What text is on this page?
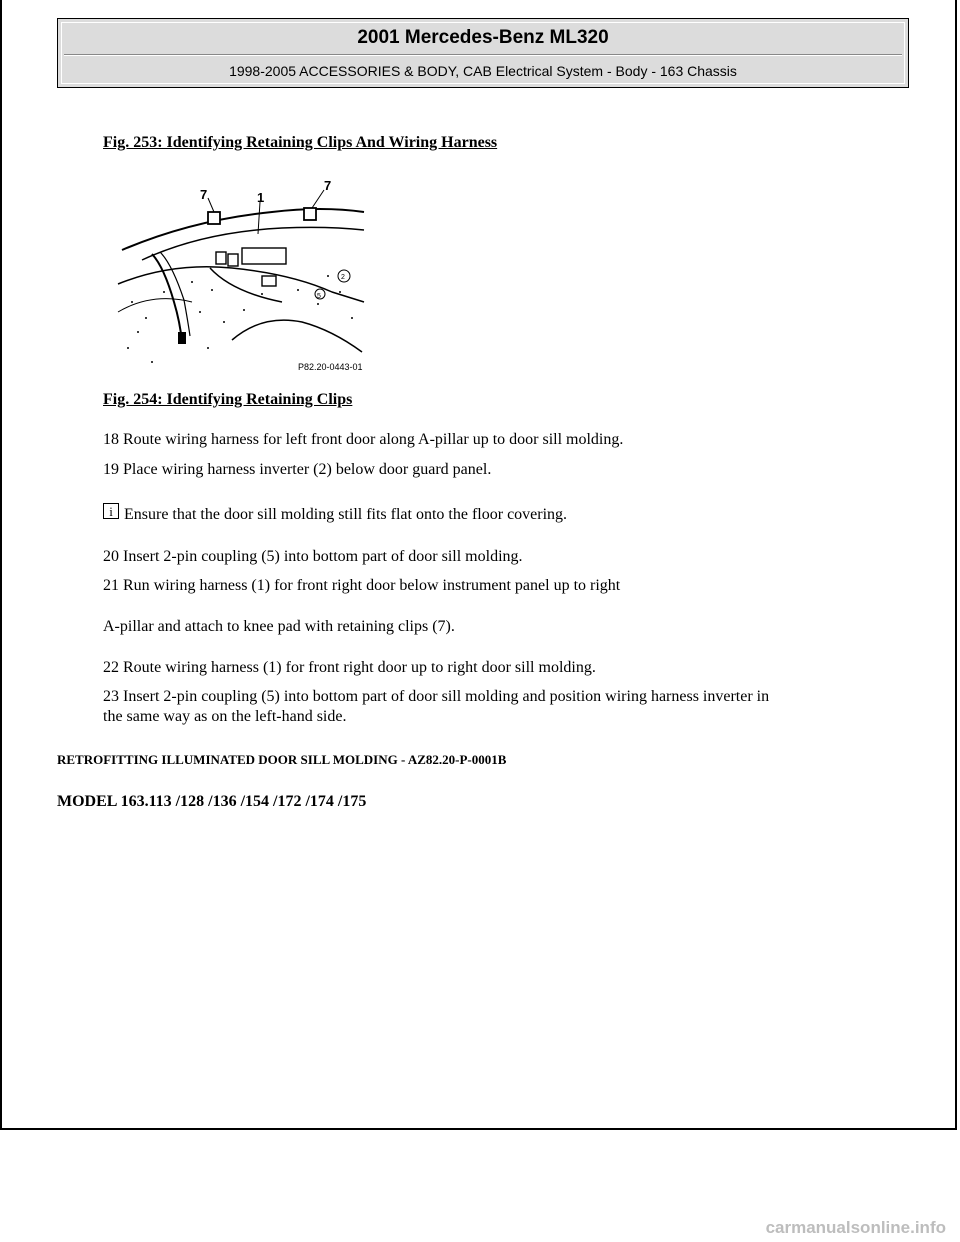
2001 Mercedes-Benz ML320
1998-2005 ACCESSORIES & BODY, CAB Electrical System - Body - 163 Chassis
Fig. 253: Identifying Retaining Clips And Wiring Harness
7	1
7
5
2
P82.20-0443-01
Fig. 254: Identifying Retaining Clips
18 Route wiring harness for left front door along A-pillar up to door sill molding.
19 Place wiring harness inverter (2) below door guard panel.
i Ensure that the door sill molding still fits flat onto the floor covering.
20 Insert 2-pin coupling (5) into bottom part of door sill molding.
21 Run wiring harness (1) for front right door below instrument panel up to right
A-pillar and attach to knee pad with retaining clips (7).
22 Route wiring harness (1) for front right door up to right door sill molding.
23 Insert 2-pin coupling (5) into bottom part of door sill molding and position wiring harness inverter in
the same way as on the left-hand side.
RETROFITTING ILLUMINATED DOOR SILL MOLDING - AZ82.20-P-0001B
MODEL 163.113 /128 /136 /154 /172 /174 /175
carmanualsonline.info
